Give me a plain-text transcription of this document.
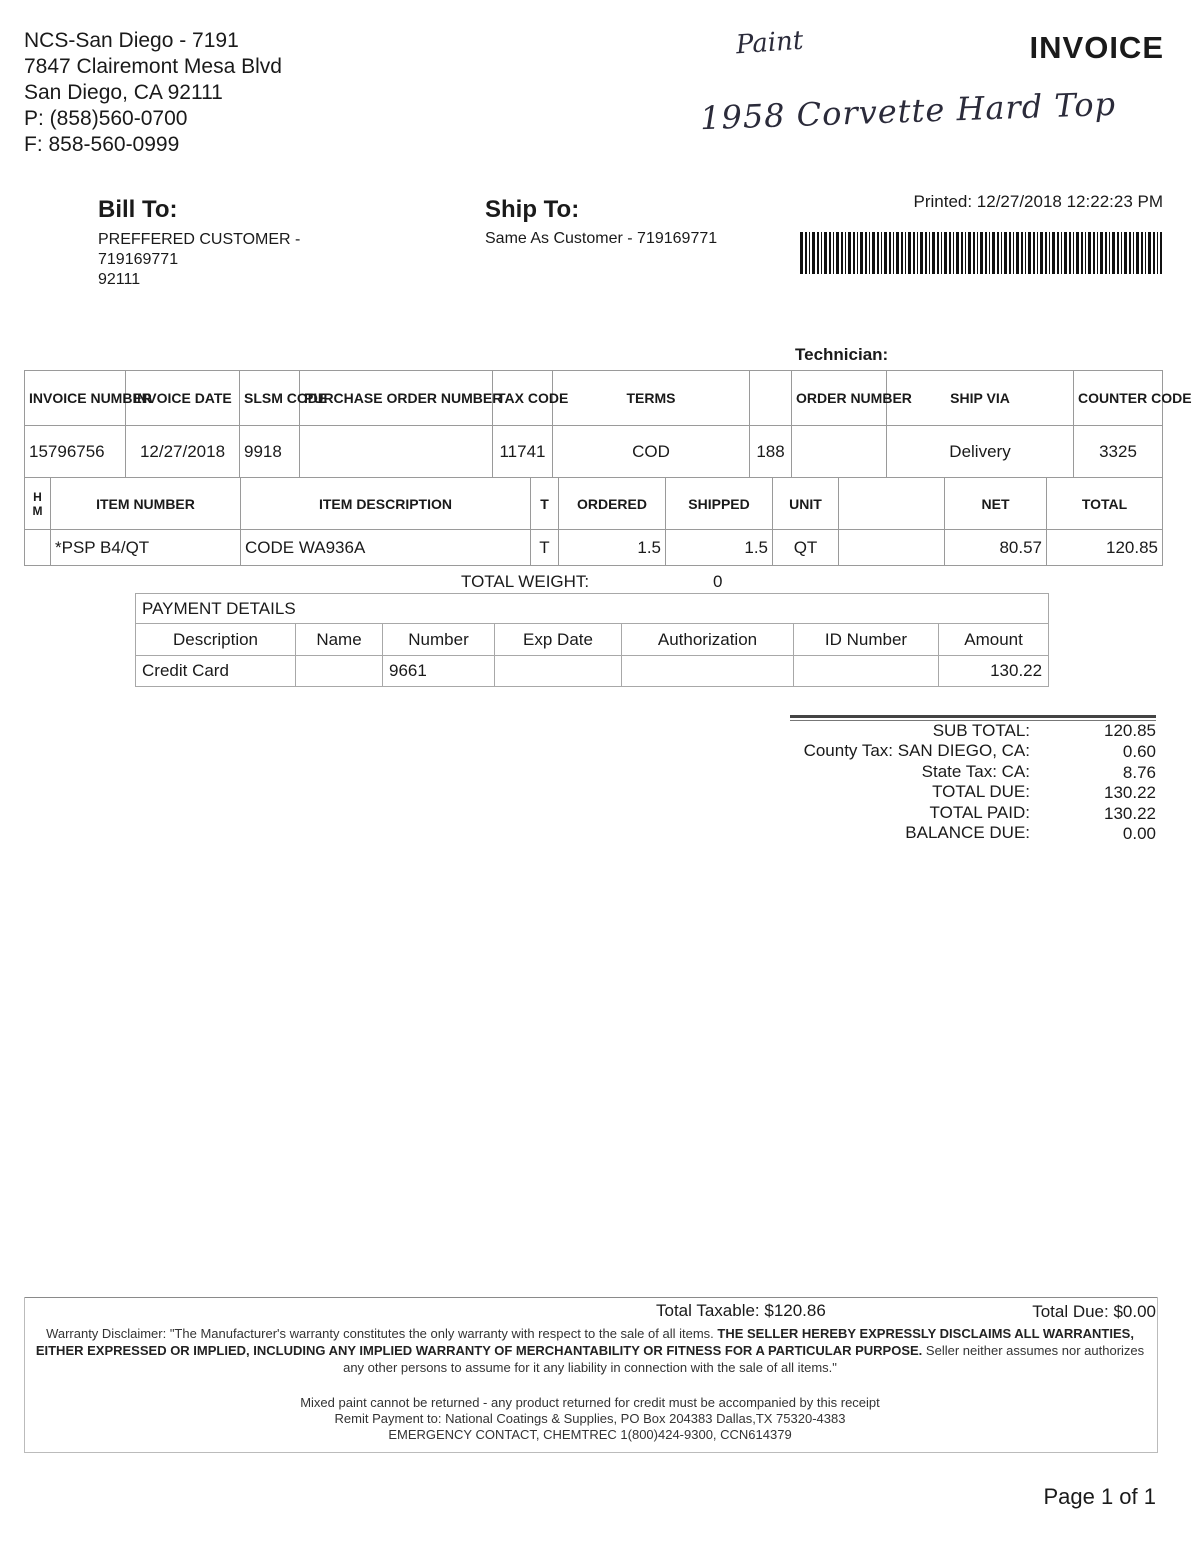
NCS-San Diego - 7191
7847 Clairemont Mesa Blvd
San Diego, CA 92111
P: (858)560-0700
F: 858-560-0999
INVOICE
Paint
1958 Corvette Hard Top
Bill To:
PREFFERED CUSTOMER -
719169771
92111
Ship To:
Same As Customer - 719169771
Printed: 12/27/2018 12:22:23 PM
Technician:
INVOICE NUMBER	INVOICE DATE	SLSM CODE	PURCHASE ORDER NUMBER	TAX CODE	TERMS		ORDER NUMBER	SHIP VIA	COUNTER CODE
15796756	12/27/2018	9918		11741	COD	188		Delivery	3325
H M	ITEM NUMBER	ITEM DESCRIPTION	T	ORDERED	SHIPPED	UNIT		NET	TOTAL
	*PSP B4/QT	CODE WA936A	T	1.5	1.5	QT		80.57	120.85
TOTAL WEIGHT:	0
PAYMENT DETAILS						
Description	Name	Number	Exp Date	Authorization	ID Number	Amount
Credit Card		9661				130.22
SUB TOTAL:	120.85
County Tax: SAN DIEGO, CA:	0.60
State Tax: CA:	8.76
TOTAL DUE:	130.22
TOTAL PAID:	130.22
BALANCE DUE:	0.00
Total Taxable: $120.86	Total Due: $0.00
Warranty Disclaimer: "The Manufacturer's warranty constitutes the only warranty with respect to the sale of all items. THE SELLER HEREBY EXPRESSLY DISCLAIMS ALL WARRANTIES, EITHER EXPRESSED OR IMPLIED, INCLUDING ANY IMPLIED WARRANTY OF MERCHANTABILITY OR FITNESS FOR A PARTICULAR PURPOSE. Seller neither assumes nor authorizes any other persons to assume for it any liability in connection with the sale of all items."
Mixed paint cannot be returned - any product returned for credit must be accompanied by this receipt
Remit Payment to: National Coatings & Supplies, PO Box 204383 Dallas,TX 75320-4383
EMERGENCY CONTACT, CHEMTREC 1(800)424-9300, CCN614379
Page 1 of 1
